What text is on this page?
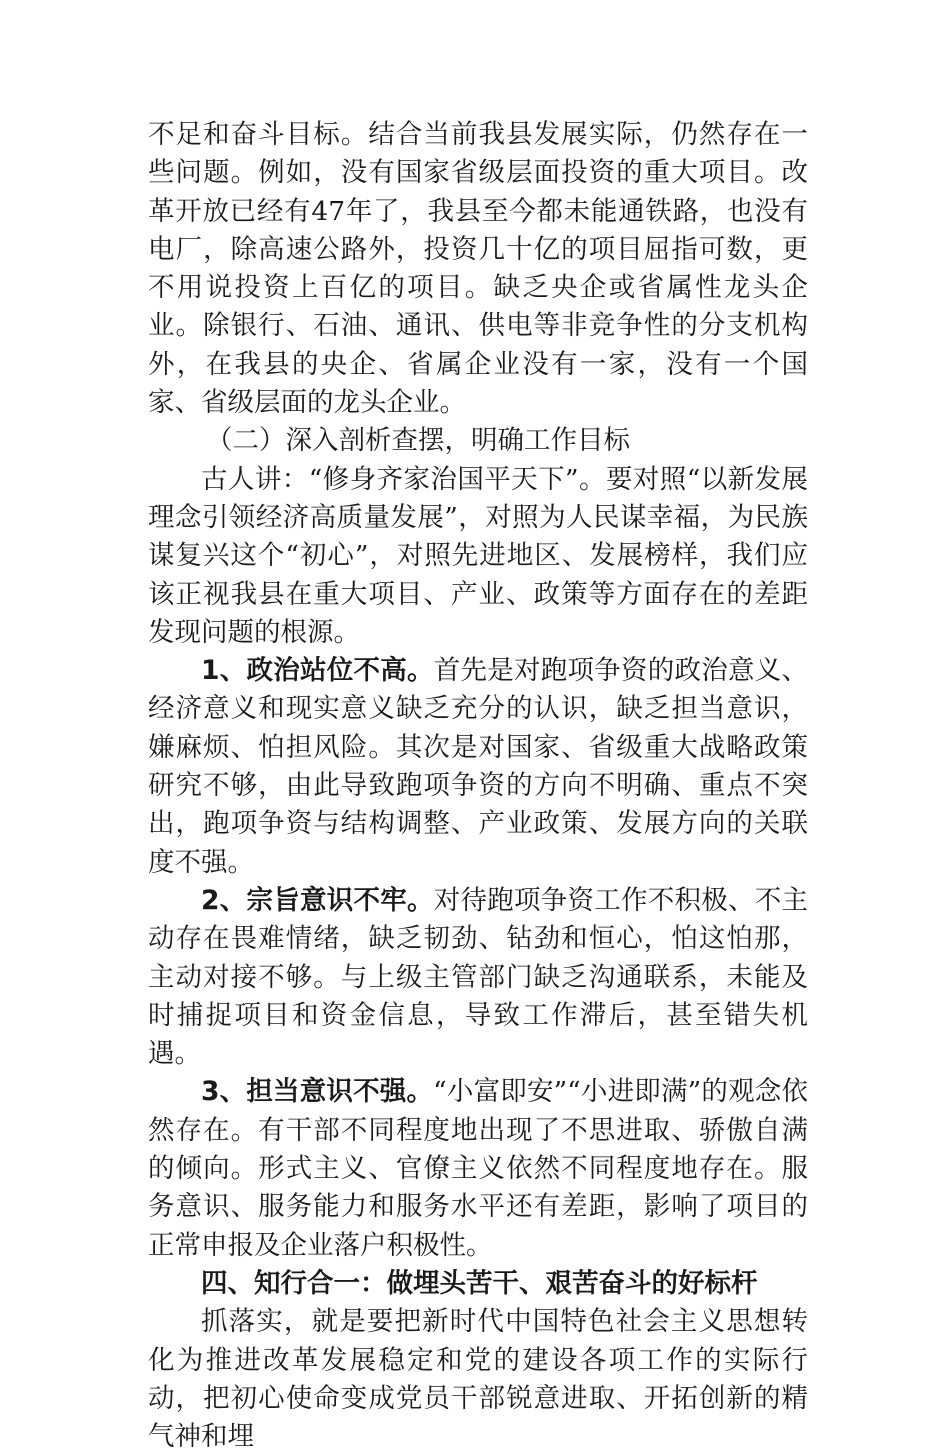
不足和奋斗目标。结合当前我县发展实际，仍然存在一些问题。例如，没有国家省级层面投资的重大项目。改革开放已经有47年了，我县至今都未能通铁路，也没有电厂，除高速公路外，投资几十亿的项目屈指可数，更不用说投资上百亿的项目。缺乏央企或省属性龙头企业。除银行、石油、通讯、供电等非竞争性的分支机构外，在我县的央企、省属企业没有一家，没有一个国家、省级层面的龙头企业。

（二）深入剖析查摆，明确工作目标

古人讲：“修身齐家治国平天下”。要对照“以新发展理念引领经济高质量发展”，对照为人民谋幸福，为民族谋复兴这个“初心”，对照先进地区、发展榜样，我们应该正视我县在重大项目、产业、政策等方面存在的差距发现问题的根源。

1、政治站位不高。首先是对跑项争资的政治意义、经济意义和现实意义缺乏充分的认识，缺乏担当意识，嫌麻烦、怕担风险。其次是对国家、省级重大战略政策研究不够，由此导致跑项争资的方向不明确、重点不突出，跑项争资与结构调整、产业政策、发展方向的关联度不强。

2、宗旨意识不牢。对待跑项争资工作不积极、不主动存在畏难情绪，缺乏韧劲、钻劲和恒心，怕这怕那，主动对接不够。与上级主管部门缺乏沟通联系，未能及时捕捉项目和资金信息，导致工作滞后，甚至错失机遇。

3、担当意识不强。“小富即安”“小进即满”的观念依然存在。有干部不同程度地出现了不思进取、骄傲自满的倾向。形式主义、官僚主义依然不同程度地存在。服务意识、服务能力和服务水平还有差距，影响了项目的正常申报及企业落户积极性。

四、知行合一：做埋头苦干、艰苦奋斗的好标杆

抓落实，就是要把新时代中国特色社会主义思想转化为推进改革发展稳定和党的建设各项工作的实际行动，把初心使命变成党员干部锐意进取、开拓创新的精气神和埋
